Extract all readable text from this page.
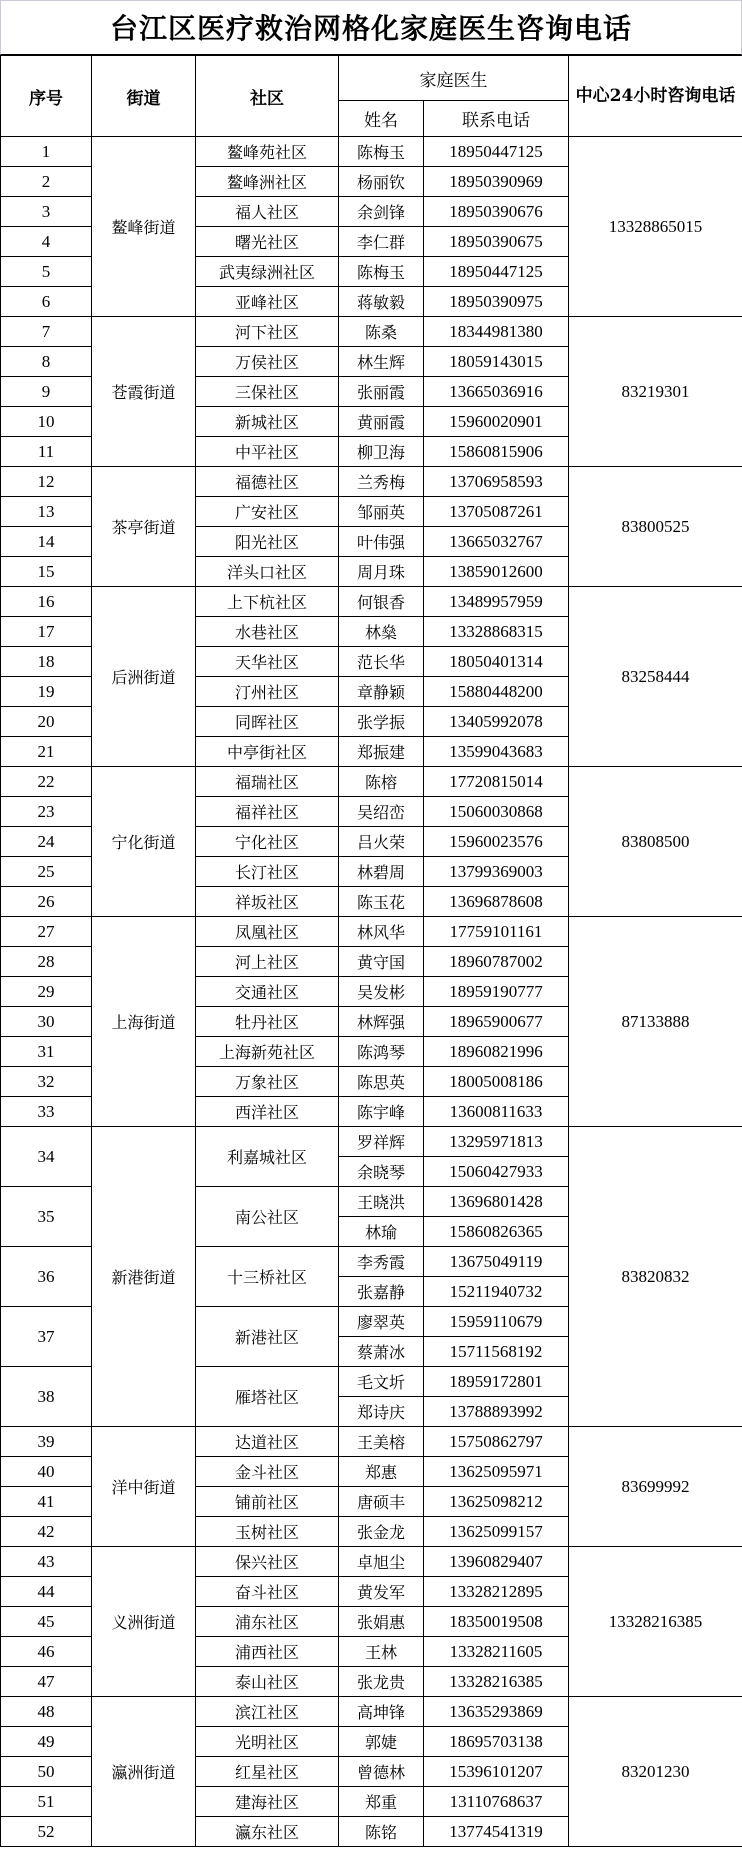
台江区医疗救治网格化家庭医生咨询电话
序号	街道	社区	家庭医生		中心24小时咨询电话
			姓名	联系电话	
1	鳌峰街道	鳌峰苑社区	陈梅玉	18950447125	13328865015
2		鳌峰洲社区	杨丽钦	18950390969	
3		福人社区	余剑锋	18950390676	
4		曙光社区	李仁群	18950390675	
5		武夷绿洲社区	陈梅玉	18950447125	
6		亚峰社区	蒋敏毅	18950390975	
7	苍霞街道	河下社区	陈桑	18344981380	83219301
8		万侯社区	林生辉	18059143015	
9		三保社区	张丽霞	13665036916	
10		新城社区	黄丽霞	15960020901	
11		中平社区	柳卫海	15860815906	
12	茶亭街道	福德社区	兰秀梅	13706958593	83800525
13		广安社区	邹丽英	13705087261	
14		阳光社区	叶伟强	13665032767	
15		洋头口社区	周月珠	13859012600	
16	后洲街道	上下杭社区	何银香	13489957959	83258444
17		水巷社区	林燊	13328868315	
18		天华社区	范长华	18050401314	
19		汀州社区	章静颖	15880448200	
20		同晖社区	张学振	13405992078	
21		中亭街社区	郑振建	13599043683	
22	宁化街道	福瑞社区	陈榕	17720815014	83808500
23		福祥社区	吴绍峦	15060030868	
24		宁化社区	吕火荣	15960023576	
25		长汀社区	林碧周	13799369003	
26		祥坂社区	陈玉花	13696878608	
27	上海街道	凤凰社区	林风华	17759101161	87133888
28		河上社区	黄守国	18960787002	
29		交通社区	吴发彬	18959190777	
30		牡丹社区	林辉强	18965900677	
31		上海新苑社区	陈鸿琴	18960821996	
32		万象社区	陈思英	18005008186	
33		西洋社区	陈宇峰	13600811633	
34	新港街道	利嘉城社区	罗祥辉	13295971813	83820832
			余晓琴	15060427933	
35		南公社区	王晓洪	13696801428	
			林瑜	15860826365	
36		十三桥社区	李秀霞	13675049119	
			张嘉静	15211940732	
37		新港社区	廖翠英	15959110679	
			蔡萧冰	15711568192	
38		雁塔社区	毛文圻	18959172801	
			郑诗庆	13788893992	
39	洋中街道	达道社区	王美榕	15750862797	83699992
40		金斗社区	郑惠	13625095971	
41		铺前社区	唐硕丰	13625098212	
42		玉树社区	张金龙	13625099157	
43	义洲街道	保兴社区	卓旭尘	13960829407	13328216385
44		奋斗社区	黄发军	13328212895	
45		浦东社区	张娟惠	18350019508	
46		浦西社区	王林	13328211605	
47		泰山社区	张龙贵	13328216385	
48	瀛洲街道	滨江社区	高坤锋	13635293869	83201230
49		光明社区	郭婕	18695703138	
50		红星社区	曾德林	15396101207	
51		建海社区	郑重	13110768637	
52		瀛东社区	陈铭	13774541319	
